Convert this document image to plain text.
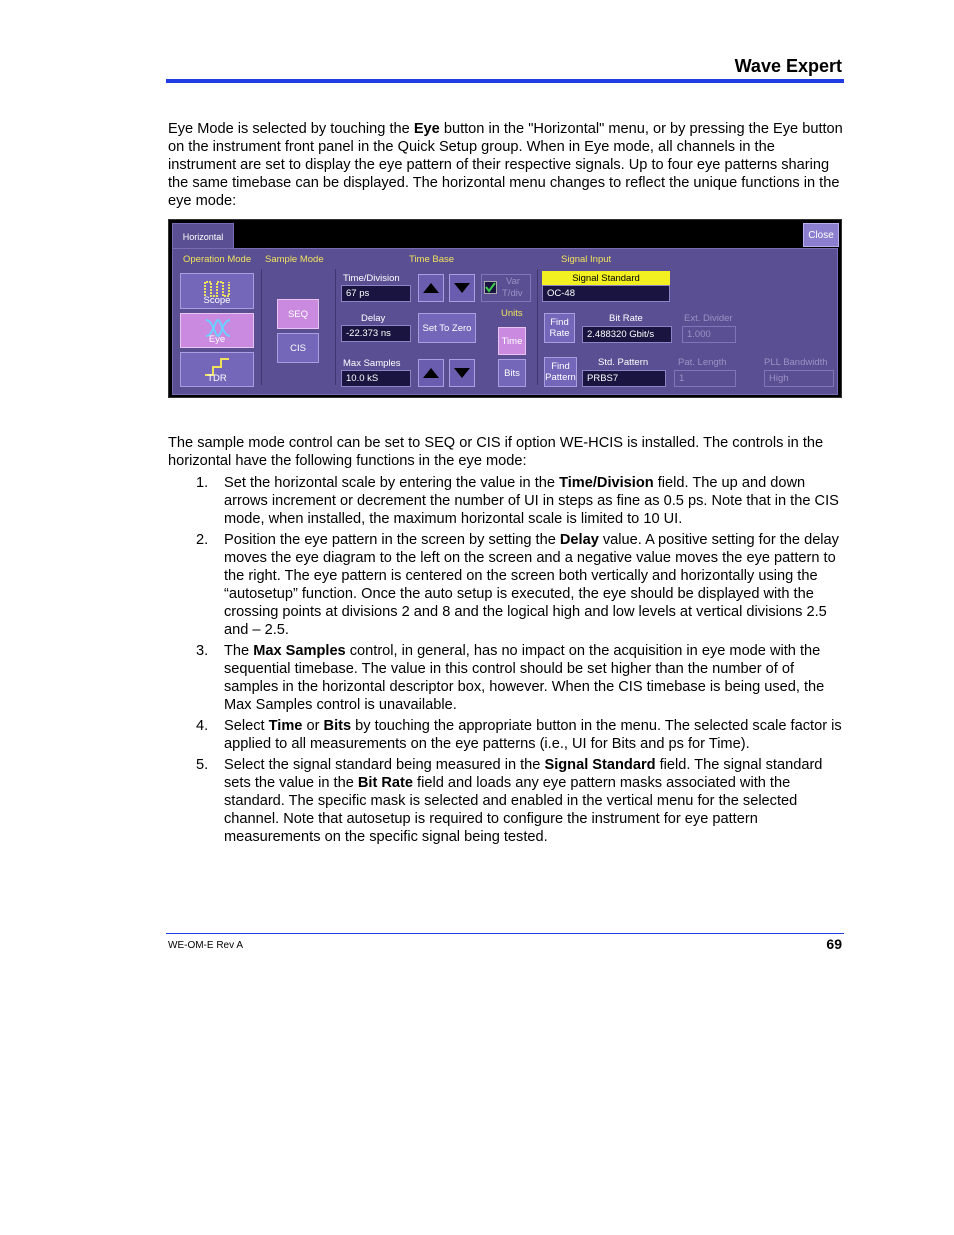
Wave Expert

Eye Mode is selected by touching the Eye button in the "Horizontal" menu, or by pressing the Eye button on the instrument front panel in the Quick Setup group. When in Eye mode, all channels in the instrument are set to display the eye pattern of their respective signals. Up to four eye patterns sharing the same timebase can be displayed. The horizontal menu changes to reflect the unique functions in the eye mode:

Horizontal	Close
Operation Mode Sample Mode	Time Base	Signal Input
Scope
Eye
TDR
SEQ
CIS
Time/Division
67 ps
Delay
-22.373 ns
Max Samples
10.0 kS
Set To Zero
Var
T/div
Units
Time
Bits
Signal Standard
OC-48
Find
Rate
Bit Rate
2.488320 Gbit/s
Ext. Divider
1.000
Find
Pattern
Std. Pattern
PRBS7
Pat. Length
1
PLL Bandwidth
High

The sample mode control can be set to SEQ or CIS if option WE-HCIS is installed. The controls in the horizontal have the following functions in the eye mode:

1. Set the horizontal scale by entering the value in the Time/Division field. The up and down arrows increment or decrement the number of UI in steps as fine as 0.5 ps. Note that in the CIS mode, when installed, the maximum horizontal scale is limited to 10 UI.
2. Position the eye pattern in the screen by setting the Delay value. A positive setting for the delay moves the eye diagram to the left on the screen and a negative value moves the eye pattern to the right. The eye pattern is centered on the screen both vertically and horizontally using the “autosetup” function. Once the auto setup is executed, the eye should be displayed with the crossing points at divisions 2 and 8 and the logical high and low levels at vertical divisions 2.5 and – 2.5.
3. The Max Samples control, in general, has no impact on the acquisition in eye mode with the sequential timebase. The value in this control should be set higher than the number of of samples in the horizontal descriptor box, however. When the CIS timebase is being used, the Max Samples control is unavailable.
4. Select Time or Bits by touching the appropriate button in the menu. The selected scale factor is applied to all measurements on the eye patterns (i.e., UI for Bits and ps for Time).
5. Select the signal standard being measured in the Signal Standard field. The signal standard sets the value in the Bit Rate field and loads any eye pattern masks associated with the standard. The specific mask is selected and enabled in the vertical menu for the selected channel. Note that autosetup is required to configure the instrument for eye pattern measurements on the specific signal being tested.
WE-OM-E Rev A	69
